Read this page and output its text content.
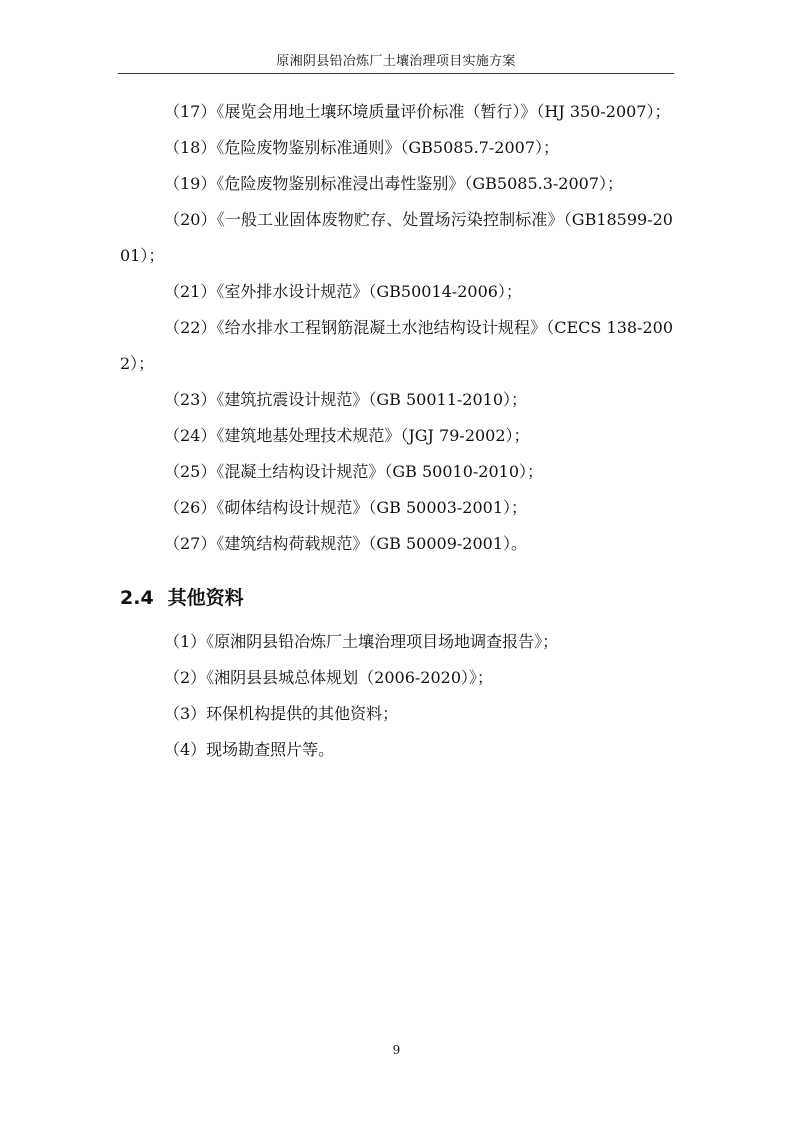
原湘阴县铅冶炼厂土壤治理项目实施方案

（17）《展览会用地土壤环境质量评价标准（暂行）》（HJ 350-2007）；

（18）《危险废物鉴别标准通则》（GB5085.7-2007）；

（19）《危险废物鉴别标准浸出毒性鉴别》（GB5085.3-2007）；

（20）《一般工业固体废物贮存、处置场污染控制标准》（GB18599-2001）；

（21）《室外排水设计规范》（GB50014-2006）；

（22）《给水排水工程钢筋混凝土水池结构设计规程》（CECS 138-2002）；

（23）《建筑抗震设计规范》（GB 50011-2010）；

（24）《建筑地基处理技术规范》（JGJ 79-2002）；

（25）《混凝土结构设计规范》（GB 50010-2010）；

（26）《砌体结构设计规范》（GB 50003-2001）；

（27）《建筑结构荷载规范》（GB 50009-2001）。

2.4 其他资料

（1）《原湘阴县铅冶炼厂土壤治理项目场地调查报告》；

（2）《湘阴县县城总体规划（2006-2020）》；

（3）环保机构提供的其他资料；

（4）现场勘查照片等。

9
